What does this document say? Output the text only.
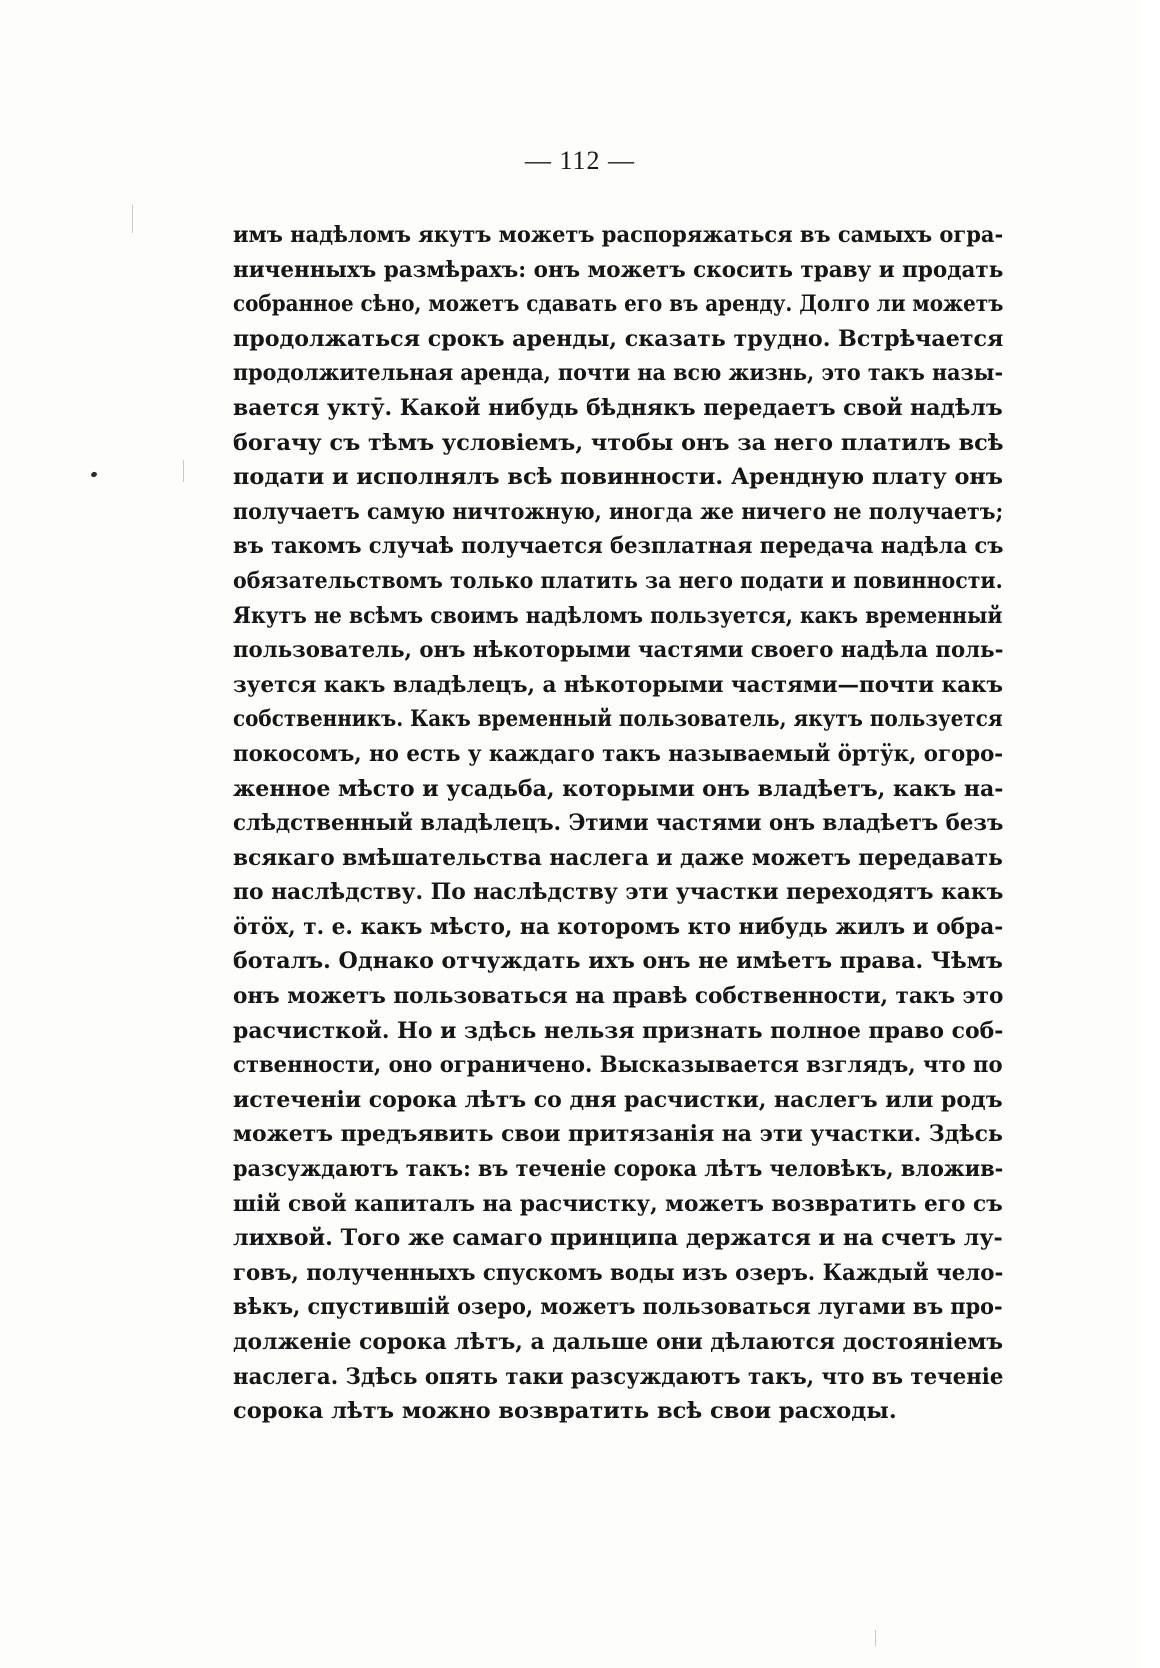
— 112 —
имъ надѣломъ якутъ можетъ распоряжаться въ самыхъ огра-
ниченныхъ размѣрахъ: онъ можетъ скосить траву и продать
собранное сѣно, можетъ сдавать его въ аренду. Долго ли можетъ
продолжаться срокъ аренды, сказать трудно. Встрѣчается
продолжительная аренда, почти на всю жизнь, это такъ назы-
вается уктӯ. Какой нибудь бѣднякъ передаетъ свой надѣлъ
богачу съ тѣмъ условіемъ, чтобы онъ за него платилъ всѣ
подати и исполнялъ всѣ повинности. Арендную плату онъ
получаетъ самую ничтожную, иногда же ничего не получаетъ;
въ такомъ случаѣ получается безплатная передача надѣла съ
обязательствомъ только платить за него подати и повинности.
Якутъ не всѣмъ своимъ надѣломъ пользуется, какъ временный
пользователь, онъ нѣкоторыми частями своего надѣла поль-
зуется какъ владѣлецъ, а нѣкоторыми частями—почти какъ
собственникъ. Какъ временный пользователь, якутъ пользуется
покосомъ, но есть у каждаго такъ называемый ӧртӱк, огоро-
женное мѣсто и усадьба, которыми онъ владѣетъ, какъ на-
слѣдственный владѣлецъ. Этими частями онъ владѣетъ безъ
всякаго вмѣшательства наслега и даже можетъ передавать
по наслѣдству. По наслѣдству эти участки переходятъ какъ
ӧтӧх, т. е. какъ мѣсто, на которомъ кто нибудь жилъ и обра-
боталъ. Однако отчуждать ихъ онъ не имѣетъ права. Чѣмъ
онъ можетъ пользоваться на правѣ собственности, такъ это
расчисткой. Но и здѣсь нельзя признать полное право соб-
ственности, оно ограничено. Высказывается взглядъ, что по
истеченіи сорока лѣтъ со дня расчистки, наслегъ или родъ
можетъ предъявить свои притязанія на эти участки. Здѣсь
разсуждаютъ такъ: въ теченіе сорока лѣтъ человѣкъ, вложив-
шій свой капиталъ на расчистку, можетъ возвратить его съ
лихвой. Того же самаго принципа держатся и на счетъ лу-
говъ, полученныхъ спускомъ воды изъ озеръ. Каждый чело-
вѣкъ, спустившій озеро, можетъ пользоваться лугами въ про-
долженіе сорока лѣтъ, а дальше они дѣлаются достояніемъ
наслега. Здѣсь опять таки разсуждаютъ такъ, что въ теченіе
сорока лѣтъ можно возвратить всѣ свои расходы.
